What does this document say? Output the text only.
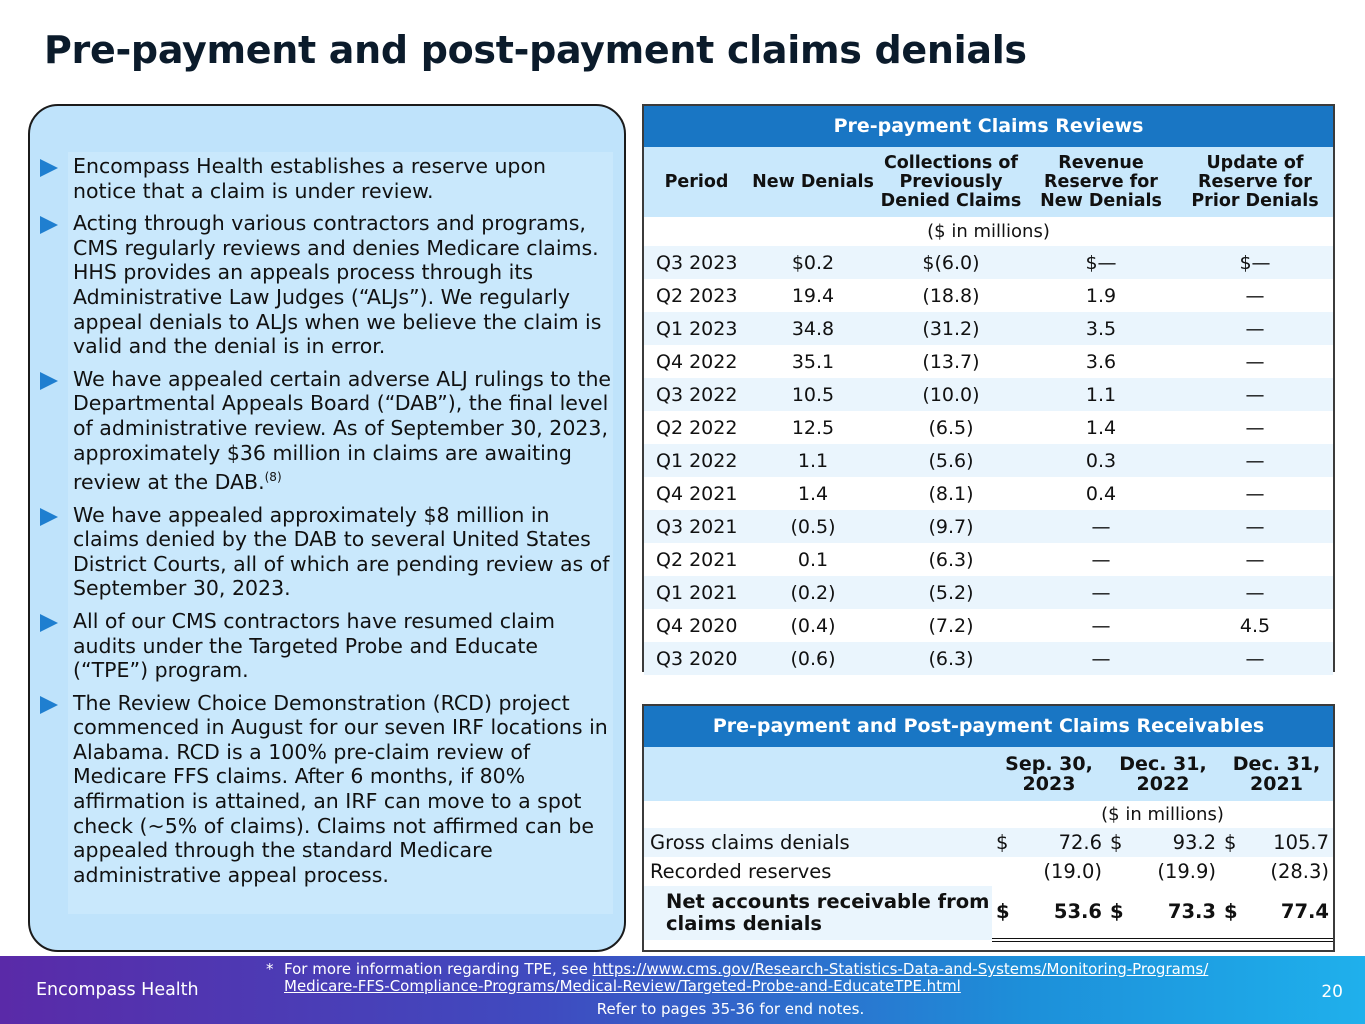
Pre-payment and post-payment claims denials
Encompass Health establishes a reserve upon notice that a claim is under review.
Acting through various contractors and programs, CMS regularly reviews and denies Medicare claims. HHS provides an appeals process through its Administrative Law Judges (“ALJs”). We regularly appeal denials to ALJs when we believe the claim is valid and the denial is in error.
We have appealed certain adverse ALJ rulings to the Departmental Appeals Board (“DAB”), the final level of administrative review. As of September 30, 2023, approximately $36 million in claims are awaiting review at the DAB.$^{(8)}$
We have appealed approximately $8 million in claims denied by the DAB to several United States District Courts, all of which are pending review as of September 30, 2023.
All of our CMS contractors have resumed claim audits under the Targeted Probe and Educate (“TPE”) program.
The Review Choice Demonstration (RCD) project commenced in August for our seven IRF locations in Alabama. RCD is a 100% pre-claim review of Medicare FFS claims. After 6 months, if 80% affirmation is attained, an IRF can move to a spot check (~5% of claims). Claims not affirmed can be appealed through the standard Medicare administrative appeal process.
Pre-payment Claims Reviews
Period	New Denials	Collections of Previously Denied Claims	Revenue Reserve for New Denials	Update of Reserve for Prior Denials
($ in millions)				
Q3 2023	$0.2	$(6.0)	$—	$—
Q2 2023	19.4	(18.8)	1.9	—
Q1 2023	34.8	(31.2)	3.5	—
Q4 2022	35.1	(13.7)	3.6	—
Q3 2022	10.5	(10.0)	1.1	—
Q2 2022	12.5	(6.5)	1.4	—
Q1 2022	1.1	(5.6)	0.3	—
Q4 2021	1.4	(8.1)	0.4	—
Q3 2021	(0.5)	(9.7)	—	—
Q2 2021	0.1	(6.3)	—	—
Q1 2021	(0.2)	(5.2)	—	—
Q4 2020	(0.4)	(7.2)	—	4.5
Q3 2020	(0.6)	(6.3)	—	—
Pre-payment and Post-payment Claims Receivables
	Sep. 30, 2023		Dec. 31, 2022		Dec. 31, 2021	
	($ in millions)					
Gross claims denials	$	72.6	$	93.2	$	105.7
Recorded reserves		(19.0)		(19.9)		(28.3)
Net accounts receivable from claims denials	$	53.6	$	73.3	$	77.4
Encompass Health	20
* For more information regarding TPE, see https://www.cms.gov/Research-Statistics-Data-and-Systems/Monitoring-Programs/
Medicare-FFS-Compliance-Programs/Medical-Review/Targeted-Probe-and-EducateTPE.html
Refer to pages 35-36 for end notes.
